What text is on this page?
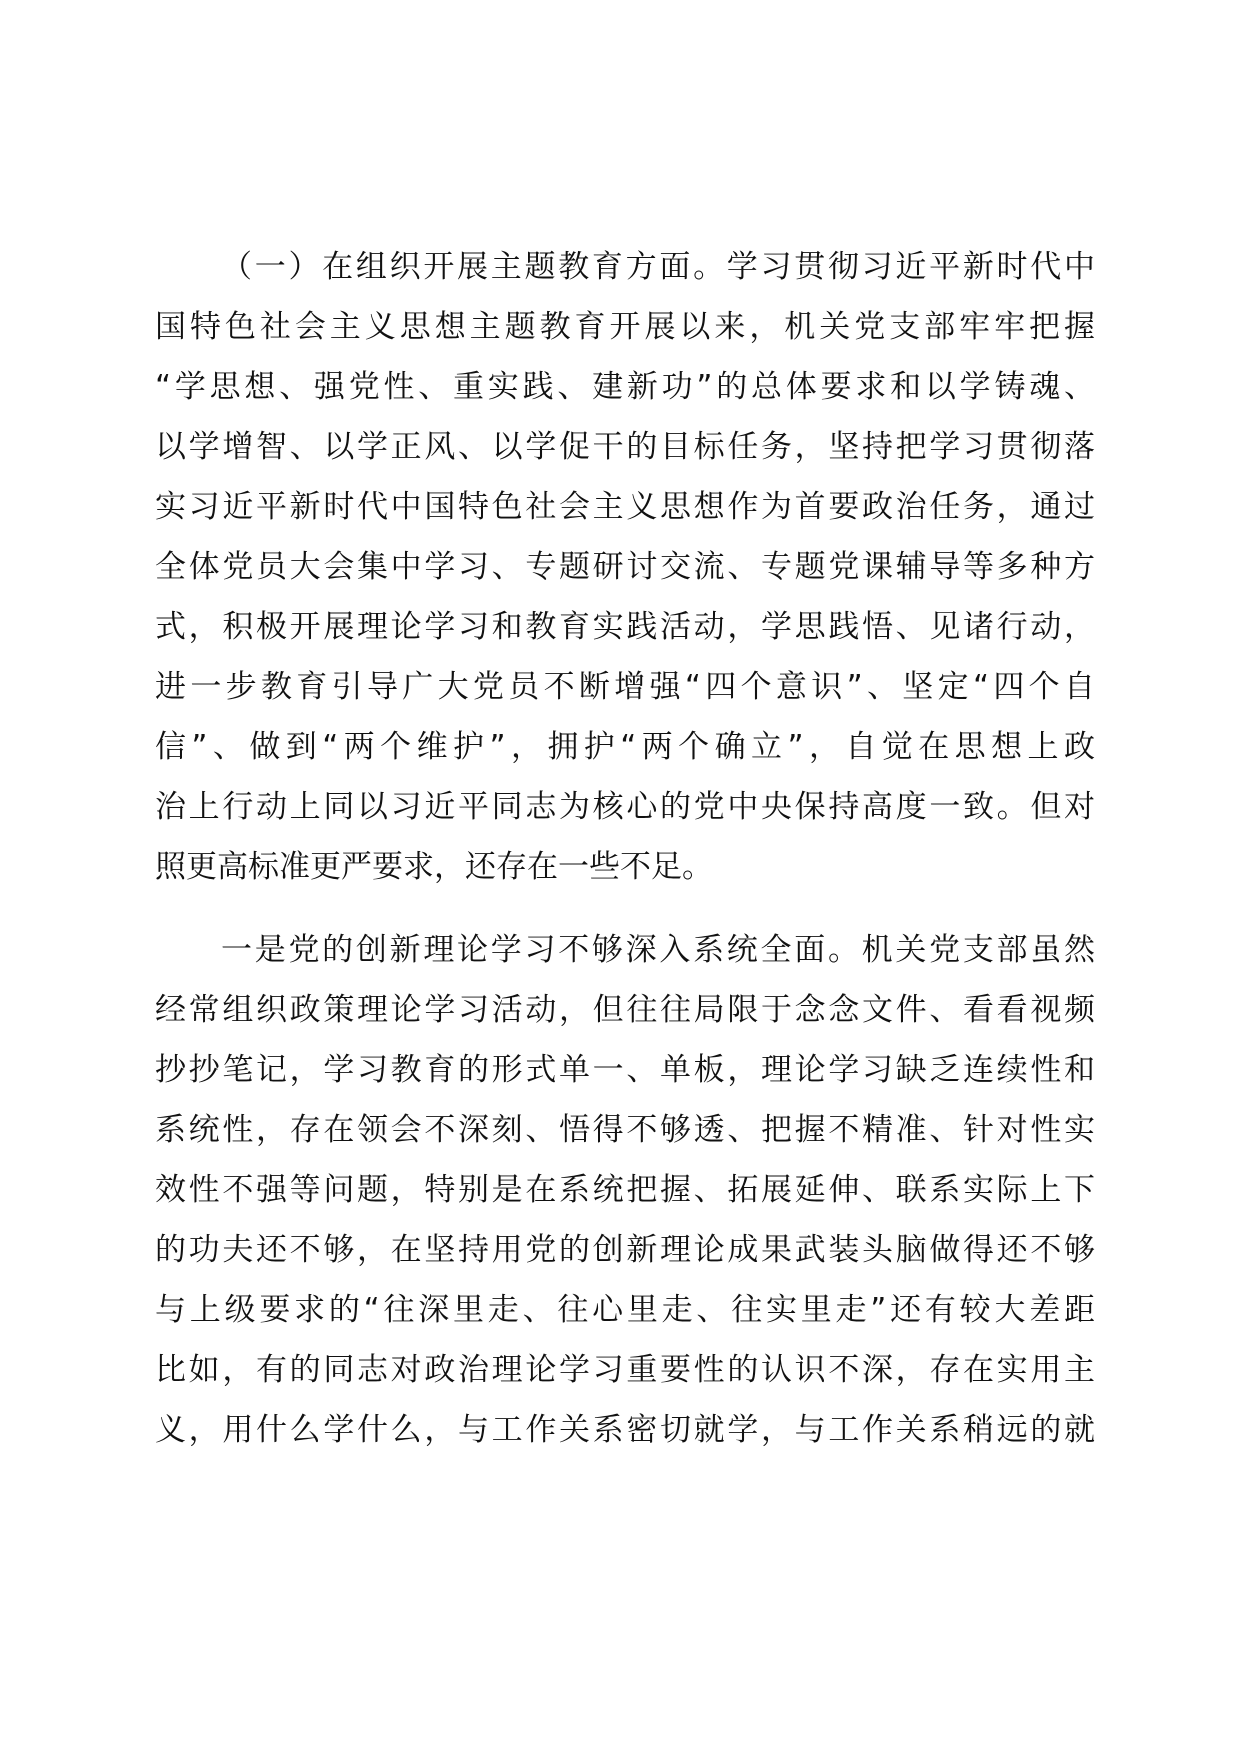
（一）在组织开展主题教育方面。学习贯彻习近平新时代中
国特色社会主义思想主题教育开展以来，机关党支部牢牢把握
“学思想、强党性、重实践、建新功”的总体要求和以学铸魂、
以学增智、以学正风、以学促干的目标任务，坚持把学习贯彻落
实习近平新时代中国特色社会主义思想作为首要政治任务，通过
全体党员大会集中学习、专题研讨交流、专题党课辅导等多种方
式，积极开展理论学习和教育实践活动，学思践悟、见诸行动，
进一步教育引导广大党员不断增强“四个意识”、坚定“四个自
信”、做到“两个维护”，拥护“两个确立”，自觉在思想上政
治上行动上同以习近平同志为核心的党中央保持高度一致。但对
照更高标准更严要求，还存在一些不足。
一是党的创新理论学习不够深入系统全面。机关党支部虽然
经常组织政策理论学习活动，但往往局限于念念文件、看看视频
抄抄笔记，学习教育的形式单一、单板，理论学习缺乏连续性和
系统性，存在领会不深刻、悟得不够透、把握不精准、针对性实
效性不强等问题，特别是在系统把握、拓展延伸、联系实际上下
的功夫还不够，在坚持用党的创新理论成果武装头脑做得还不够
与上级要求的“往深里走、往心里走、往实里走”还有较大差距
比如，有的同志对政治理论学习重要性的认识不深，存在实用主
义，用什么学什么，与工作关系密切就学，与工作关系稍远的就
